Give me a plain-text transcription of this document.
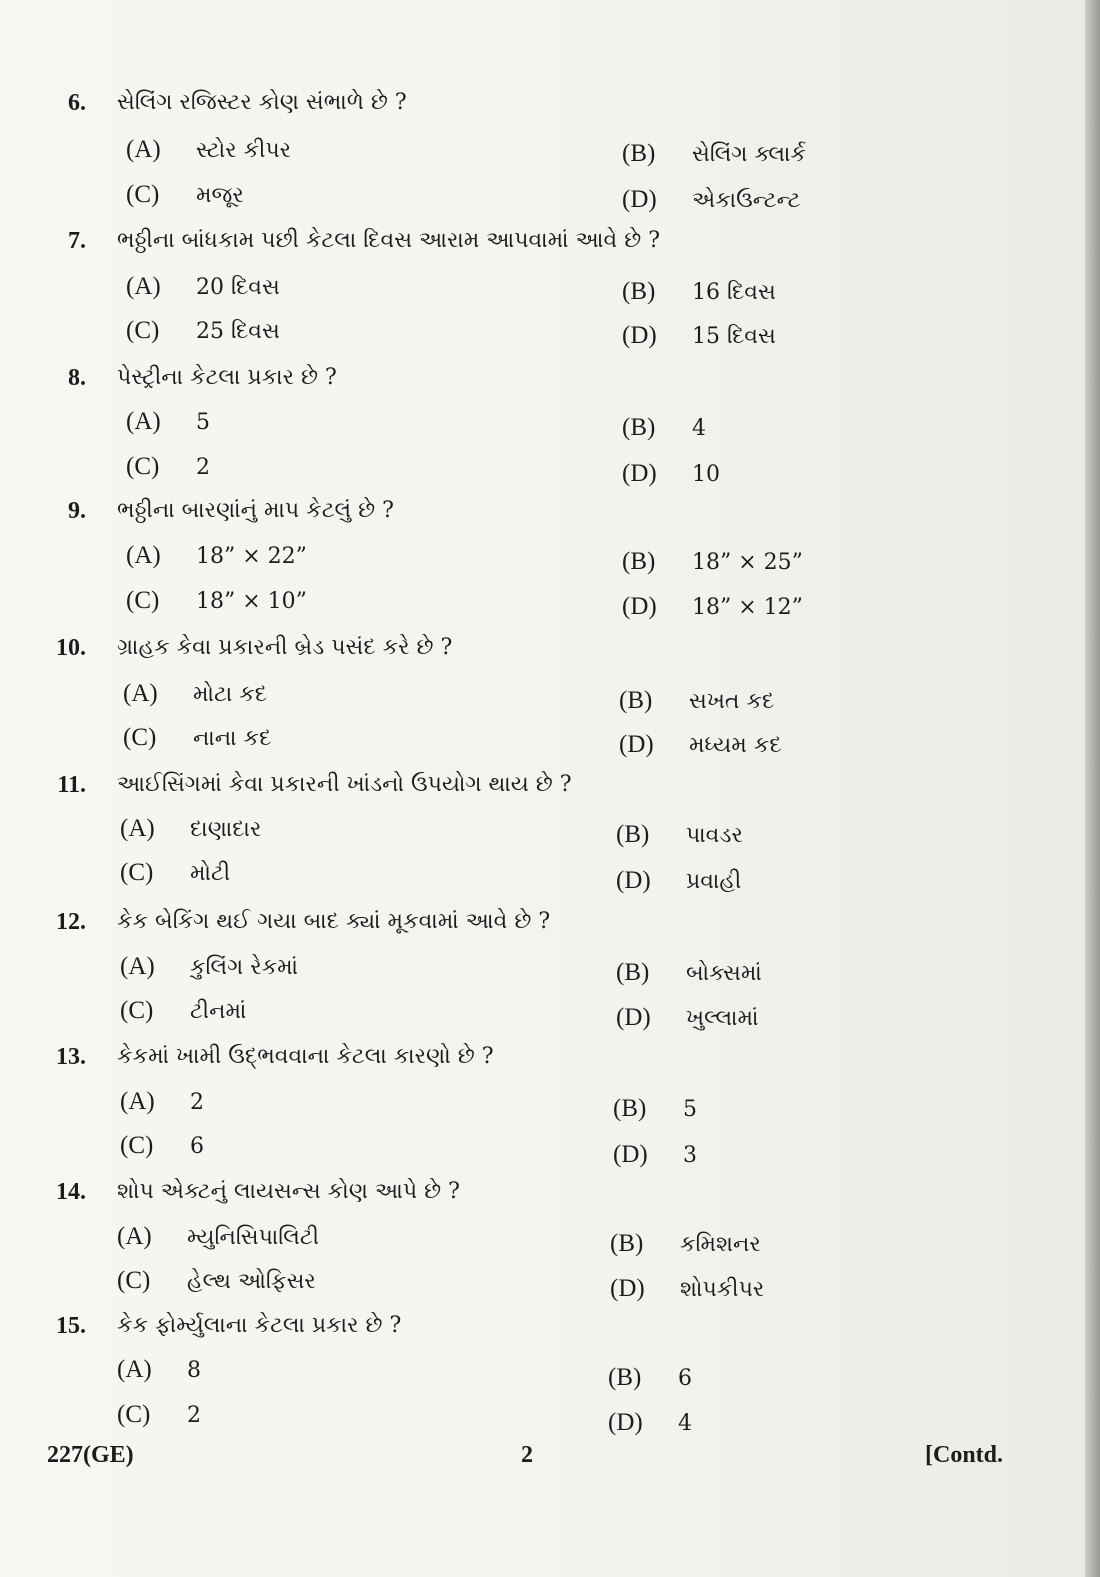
6. સેલિંગ રજિસ્ટર કોણ સંભાળે છે ?
(A) સ્ટોર કીપર	(B) સેલિંગ ક્લાર્ક
(C) મજૂર	(D) એકાઉન્ટન્ટ
7. ભઠ્ઠીના બાંધકામ પછી કેટલા દિવસ આરામ આપવામાં આવે છે ?
(A) 20 દિવસ	(B) 16 દિવસ
(C) 25 દિવસ	(D) 15 દિવસ
8. પેસ્ટ્રીના કેટલા પ્રકાર છે ?
(A) 5	(B) 4
(C) 2	(D) 10
9. ભઠ્ઠીના બારણાંનું માપ કેટલું છે ?
(A) 18” × 22”	(B) 18” × 25”
(C) 18” × 10”	(D) 18” × 12”
10. ગ્રાહક કેવા પ્રકારની બ્રેડ પસંદ કરે છે ?
(A) મોટા કદ	(B) સખત કદ
(C) નાના કદ	(D) મધ્યમ કદ
11. આઈસિંગમાં કેવા પ્રકારની ખાંડનો ઉપયોગ થાય છે ?
(A) દાણાદાર	(B) પાવડર
(C) મોટી	(D) પ્રવાહી
12. કેક બેકિંગ થઈ ગયા બાદ ક્યાં મૂકવામાં આવે છે ?
(A) કુલિંગ રેકમાં	(B) બોક્સમાં
(C) ટીનમાં	(D) ખુલ્લામાં
13. કેકમાં ખામી ઉદ્‌ભવવાના કેટલા કારણો છે ?
(A) 2	(B) 5
(C) 6	(D) 3
14. શોપ એક્ટનું લાયસન્સ કોણ આપે છે ?
(A) મ્યુનિસિપાલિટી	(B) કમિશનર
(C) હેલ્થ ઓફિસર	(D) શોપકીપર
15. કેક ફોર્મ્યુલાના કેટલા પ્રકાર છે ?
(A) 8	(B) 6
(C) 2	(D) 4
227(GE)	2	[Contd.
